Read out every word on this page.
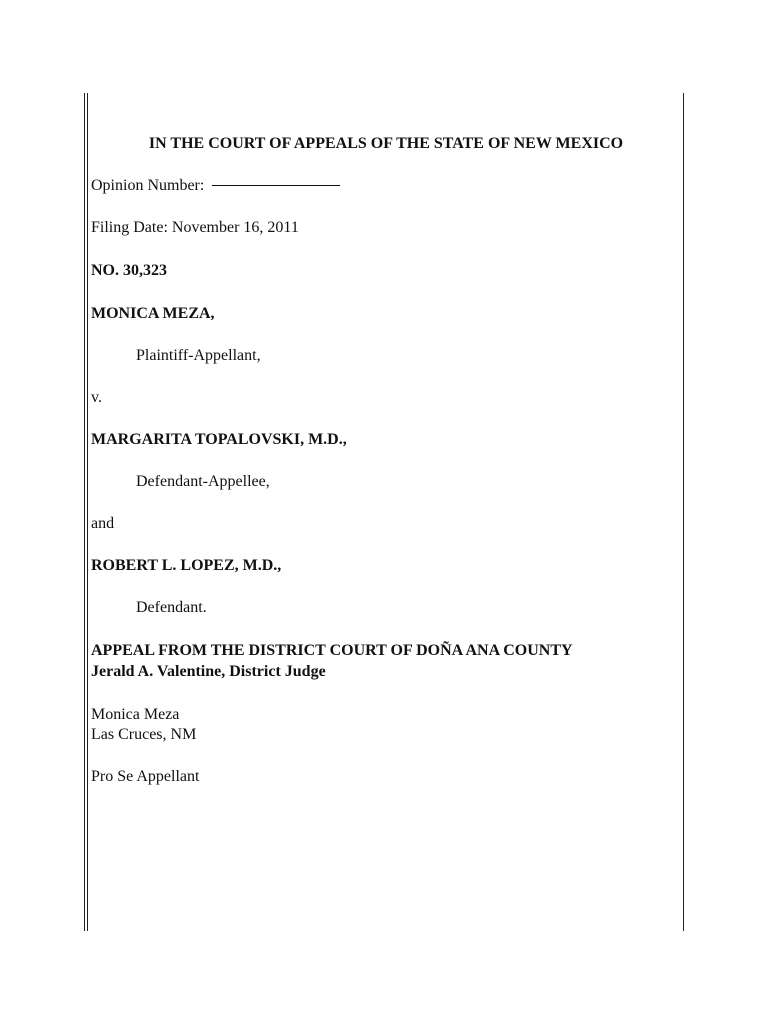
IN THE COURT OF APPEALS OF THE STATE OF NEW MEXICO
Opinion Number:
Filing Date: November 16, 2011
NO. 30,323
MONICA MEZA,
Plaintiff-Appellant,
v.
MARGARITA TOPALOVSKI, M.D.,
Defendant-Appellee,
and
ROBERT L. LOPEZ, M.D.,
Defendant.
APPEAL FROM THE DISTRICT COURT OF DOÑA ANA COUNTY
Jerald A. Valentine, District Judge
Monica Meza
Las Cruces, NM
Pro Se Appellant
